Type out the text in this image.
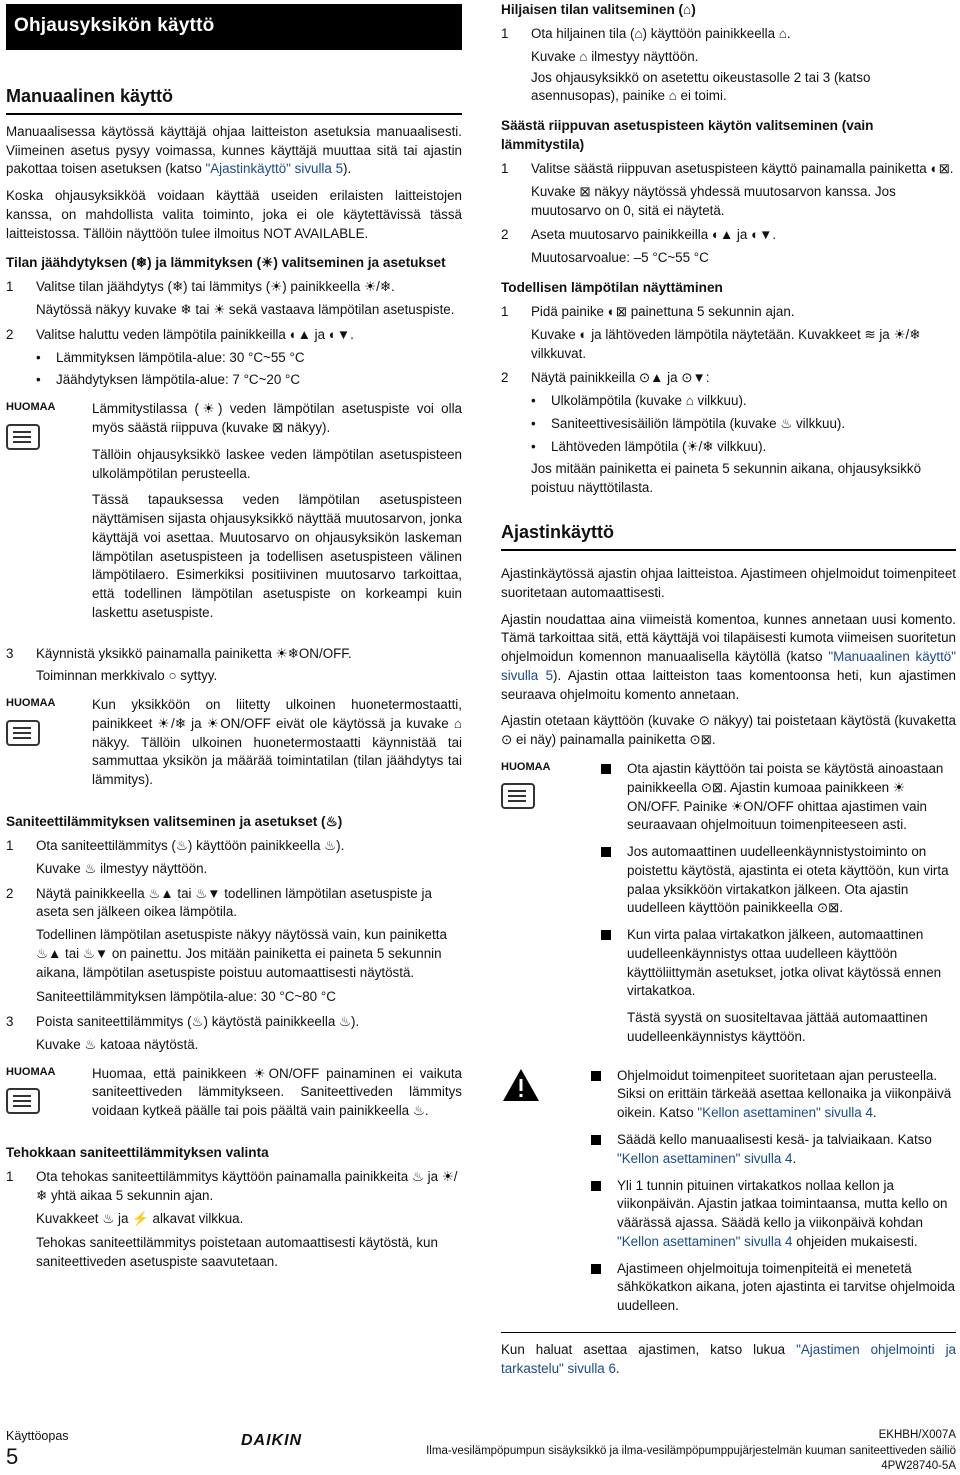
Ohjausyksikön käyttö
Manuaalinen käyttö

Manuaalisessa käytössä käyttäjä ohjaa laitteiston asetuksia manuaalisesti. Viimeinen asetus pysyy voimassa, kunnes käyttäjä muuttaa sitä tai ajastin pakottaa toisen asetuksen (katso "Ajastinkäyttö" sivulla 5).

Koska ohjausyksikköä voidaan käyttää useiden erilaisten laitteistojen kanssa, on mahdollista valita toiminto, joka ei ole käytettävissä tässä laitteistossa. Tällöin näyttöön tulee ilmoitus NOT AVAILABLE.

Tilan jäähdytyksen (❄) ja lämmityksen (☀) valitseminen ja asetukset
1	Valitse tilan jäähdytys (❄) tai lämmitys (☀) painikkeella ☀/❄.
Näytössä näkyy kuvake ❄ tai ☀ sekä vastaava lämpötilan asetuspiste.
2	Valitse haluttu veden lämpötila painikkeilla ◐▲ ja ◐▼.
•	Lämmityksen lämpötila-alue: 30 °C~55 °C
•	Jäähdytyksen lämpötila-alue: 7 °C~20 °C
HUOMAA	Lämmitystilassa (☀) veden lämpötilan asetuspiste voi olla myös säästä riippuva (kuvake ⊠ näkyy).

Tällöin ohjausyksikkö laskee veden lämpötilan asetuspisteen ulkolämpötilan perusteella.

Tässä tapauksessa veden lämpötilan asetuspisteen näyttämisen sijasta ohjausyksikkö näyttää muutosarvon, jonka käyttäjä voi asettaa. Muutosarvo on ohjausyksikön laskeman lämpötilan asetuspisteen ja todellisen asetuspisteen välinen lämpötilaero. Esimerkiksi positiivinen muutosarvo tarkoittaa, että todellinen lämpötilan asetuspiste on korkeampi kuin laskettu asetuspiste.

3	Käynnistä yksikkö painamalla painiketta ☀❄ON/OFF.
Toiminnan merkkivalo ○ syttyy.
HUOMAA	Kun yksikköön on liitetty ulkoinen huonetermostaatti, painikkeet ☀/❄ ja ☀ON/OFF eivät ole käytössä ja kuvake ⌂ näkyy. Tällöin ulkoinen huonetermostaatti käynnistää tai sammuttaa yksikön ja määrää toimintatilan (tilan jäähdytys tai lämmitys).

Saniteettilämmityksen valitseminen ja asetukset (♨)
1	Ota saniteettilämmitys (♨) käyttöön painikkeella ♨).
Kuvake ♨ ilmestyy näyttöön.
2	Näytä painikkeella ♨▲ tai ♨▼ todellinen lämpötilan asetuspiste ja aseta sen jälkeen oikea lämpötila.
Todellinen lämpötilan asetuspiste näkyy näytössä vain, kun painiketta ♨▲ tai ♨▼ on painettu. Jos mitään painiketta ei paineta 5 sekunnin aikana, lämpötilan asetuspiste poistuu automaattisesti näytöstä.
Saniteettilämmityksen lämpötila-alue: 30 °C~80 °C
3	Poista saniteettilämmitys (♨) käytöstä painikkeella ♨).
Kuvake ♨ katoaa näytöstä.
HUOMAA	Huomaa, että painikkeen ☀ON/OFF painaminen ei vaikuta saniteettiveden lämmitykseen. Saniteettiveden lämmitys voidaan kytkeä päälle tai pois päältä vain painikkeella ♨.

Tehokkaan saniteettilämmityksen valinta
1	Ota tehokas saniteettilämmitys käyttöön painamalla painikkeita ♨ ja ☀/❄ yhtä aikaa 5 sekunnin ajan.
Kuvakkeet ♨ ja ⚡ alkavat vilkkua.
Tehokas saniteettilämmitys poistetaan automaattisesti käytöstä, kun saniteettiveden asetuspiste saavutetaan.
Hiljaisen tilan valitseminen (⌂)
1	Ota hiljainen tila (⌂) käyttöön painikkeella ⌂.
Kuvake ⌂ ilmestyy näyttöön.
Jos ohjausyksikkö on asetettu oikeustasolle 2 tai 3 (katso asennusopas), painike ⌂ ei toimi.
Säästä riippuvan asetuspisteen käytön valitseminen (vain lämmitystila)
1	Valitse säästä riippuvan asetuspisteen käyttö painamalla painiketta ◐⊠.
Kuvake ⊠ näkyy näytössä yhdessä muutosarvon kanssa. Jos muutosarvo on 0, sitä ei näytetä.
2	Aseta muutosarvo painikkeilla ◐▲ ja ◐▼.
Muutosarvoalue: –5 °C~55 °C
Todellisen lämpötilan näyttäminen
1	Pidä painike ◐⊠ painettuna 5 sekunnin ajan.
Kuvake ◐ ja lähtöveden lämpötila näytetään. Kuvakkeet ≋ ja ☀/❄ vilkkuvat.
2	Näytä painikkeilla ⊙▲ ja ⊙▼:
•	Ulkolämpötila (kuvake ⌂ vilkkuu).
•	Saniteettivesisäiliön lämpötila (kuvake ♨ vilkkuu).
•	Lähtöveden lämpötila (☀/❄ vilkkuu).
Jos mitään painiketta ei paineta 5 sekunnin aikana, ohjausyksikkö poistuu näyttötilasta.
Ajastinkäyttö

Ajastinkäytössä ajastin ohjaa laitteistoa. Ajastimeen ohjelmoidut toimenpiteet suoritetaan automaattisesti.

Ajastin noudattaa aina viimeistä komentoa, kunnes annetaan uusi komento. Tämä tarkoittaa sitä, että käyttäjä voi tilapäisesti kumota viimeisen suoritetun ohjelmoidun komennon manuaalisella käytöllä (katso "Manuaalinen käyttö" sivulla 5). Ajastin ottaa laitteiston taas komentoonsa heti, kun ajastimen seuraava ohjelmoitu komento annetaan.

Ajastin otetaan käyttöön (kuvake ⊙ näkyy) tai poistetaan käytöstä (kuvaketta ⊙ ei näy) painamalla painiketta ⊙⊠.

HUOMAA	Ota ajastin käyttöön tai poista se käytöstä ainoastaan painikkeella ⊙⊠. Ajastin kumoaa painikkeen ☀ON/OFF. Painike ☀ON/OFF ohittaa ajastimen vain seuraavaan ohjelmoituun toimenpiteeseen asti.
Jos automaattinen uudelleenkäynnistystoiminto on poistettu käytöstä, ajastinta ei oteta käyttöön, kun virta palaa yksikköön virtakatkon jälkeen. Ota ajastin uudelleen käyttöön painikkeella ⊙⊠.
Kun virta palaa virtakatkon jälkeen, automaattinen uudelleenkäynnistys ottaa uudelleen käyttöön käyttöliittymän asetukset, jotka olivat käytössä ennen virtakatkoa.
Tästä syystä on suositeltavaa jättää automaattinen uudelleenkäynnistys käyttöön.
Ohjelmoidut toimenpiteet suoritetaan ajan perusteella. Siksi on erittäin tärkeää asettaa kellonaika ja viikonpäivä oikein. Katso "Kellon asettaminen" sivulla 4.
Säädä kello manuaalisesti kesä- ja talviaikaan. Katso "Kellon asettaminen" sivulla 4.
Yli 1 tunnin pituinen virtakatkos nollaa kellon ja viikonpäivän. Ajastin jatkaa toimintaansa, mutta kello on väärässä ajassa. Säädä kello ja viikonpäivä kohdan "Kellon asettaminen" sivulla 4 ohjeiden mukaisesti.
Ajastimeen ohjelmoituja toimenpiteitä ei menetetä sähkökatkon aikana, joten ajastinta ei tarvitse ohjelmoida uudelleen.

Kun haluat asettaa ajastimen, katso lukua "Ajastimen ohjelmointi ja tarkastelu" sivulla 6.

Käyttöopas
5
DAIKIN	EKHBH/X007A
Ilma-vesilämpöpumpun sisäyksikkö ja ilma-vesilämpöpumppujärjestelmän kuuman saniteettiveden säiliö
4PW28740-5A
